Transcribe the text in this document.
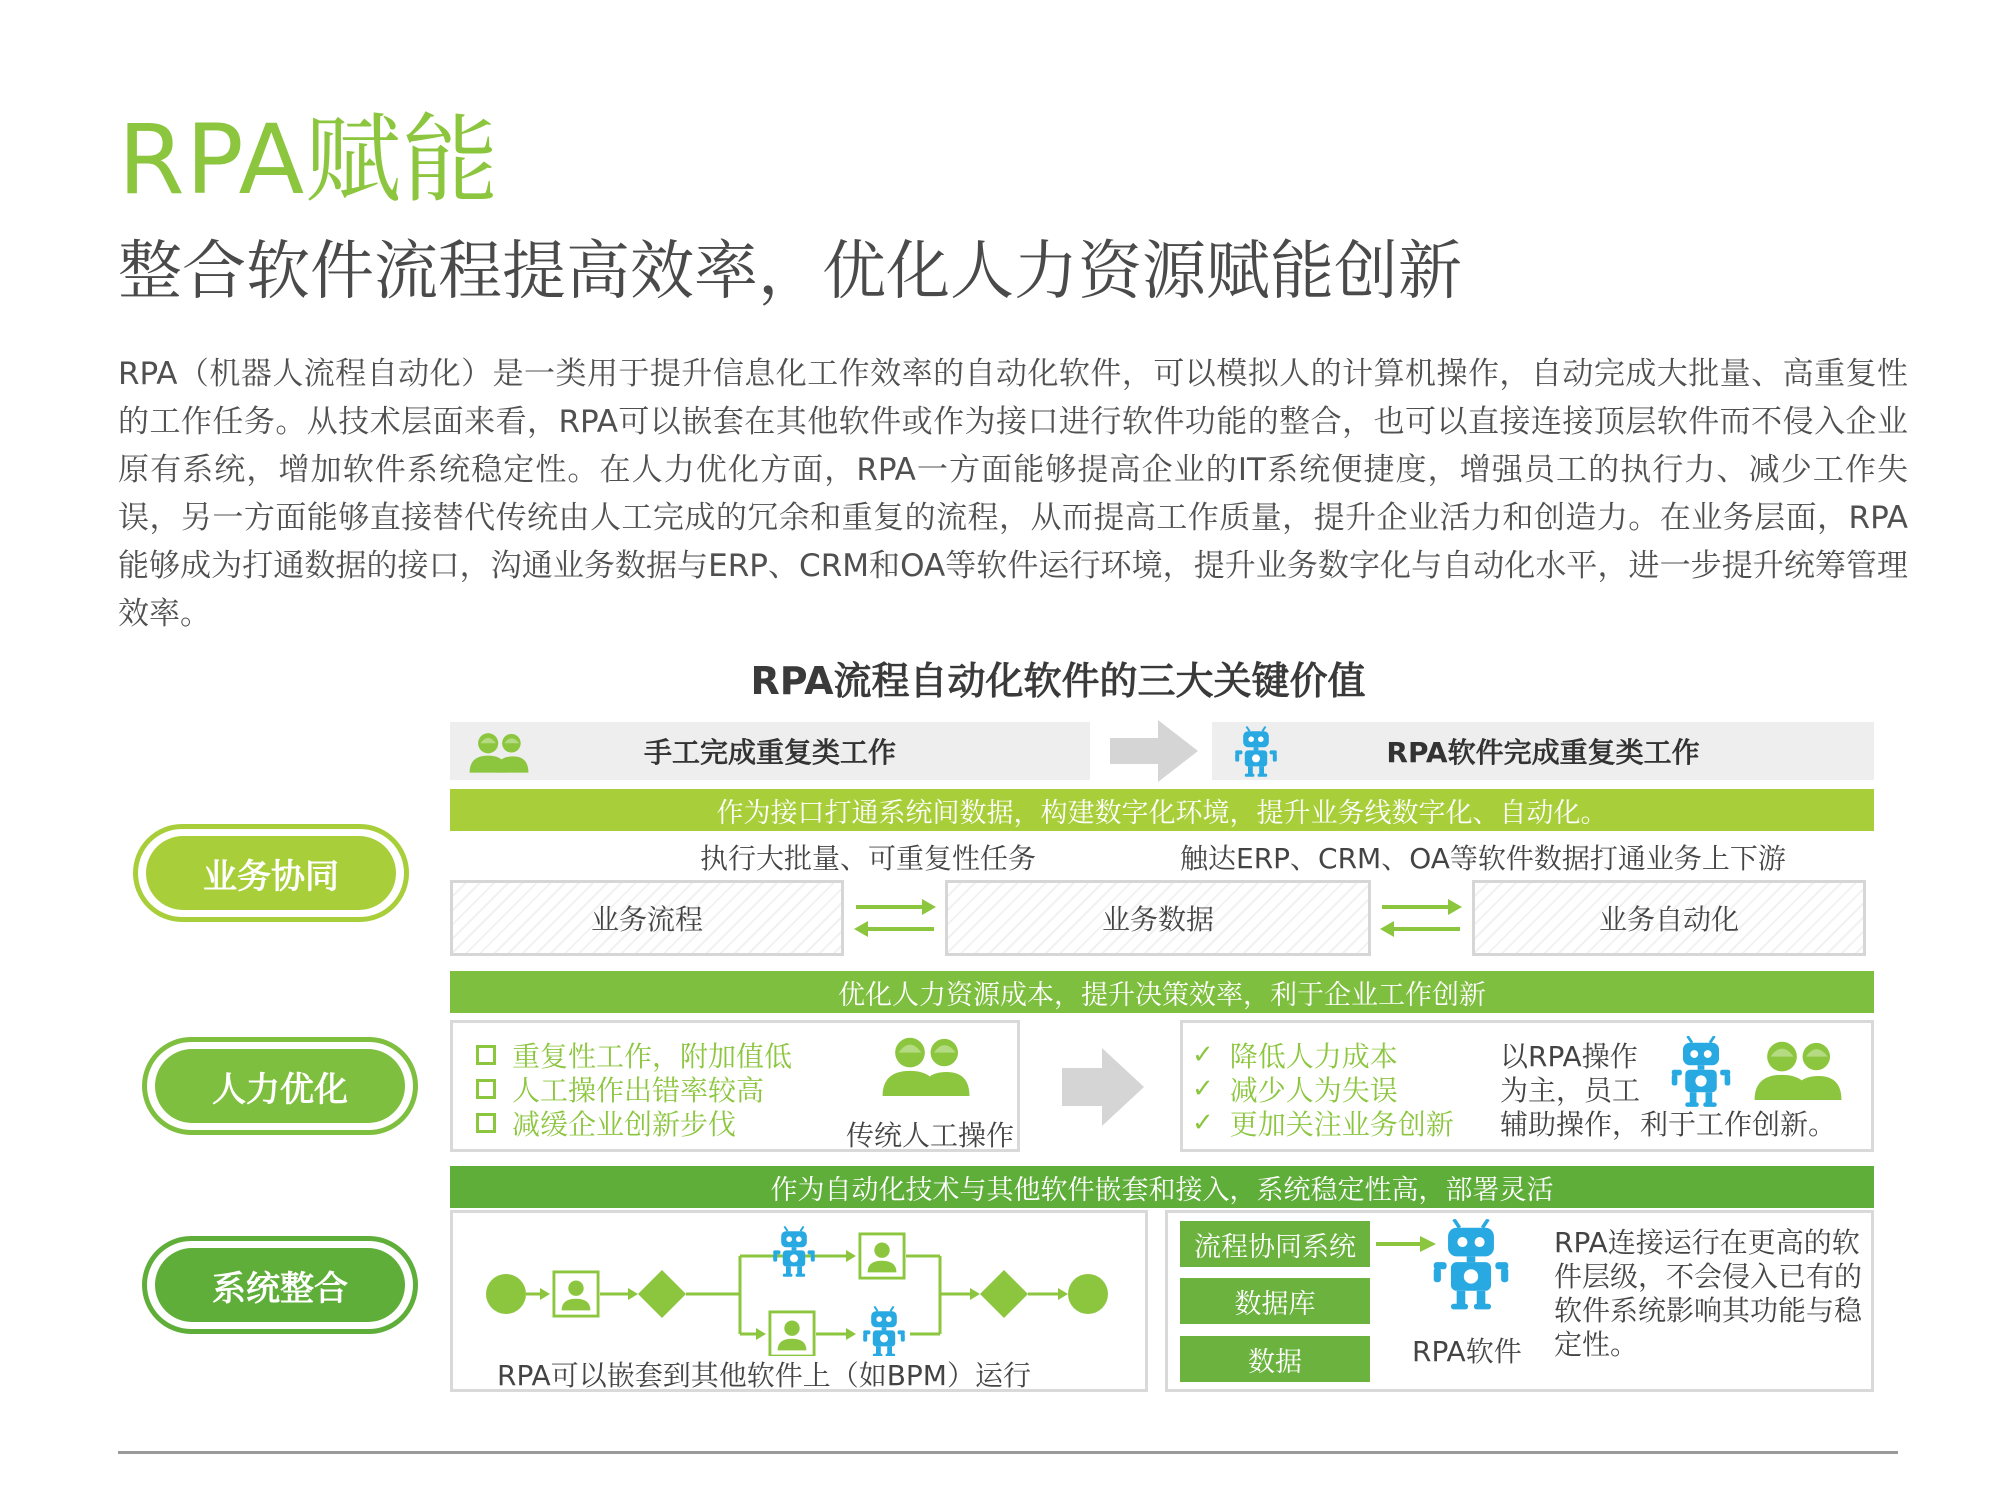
RPA赋能
整合软件流程提高效率，优化人力资源赋能创新
RPA（机器人流程自动化）是一类用于提升信息化工作效率的自动化软件，可以模拟人的计算机操作，自动完成大批量、高重复性的工作任务。从技术层面来看，RPA可以嵌套在其他软件或作为接口进行软件功能的整合，也可以直接连接顶层软件而不侵入企业原有系统，增加软件系统稳定性。在人力优化方面，RPA一方面能够提高企业的IT系统便捷度，增强员工的执行力、减少工作失误，另一方面能够直接替代传统由人工完成的冗余和重复的流程，从而提高工作质量，提升企业活力和创造力。在业务层面，RPA能够成为打通数据的接口，沟通业务数据与ERP、CRM和OA等软件运行环境，提升业务数字化与自动化水平，进一步提升统筹管理效率。
RPA流程自动化软件的三大关键价值
手工完成重复类工作	RPA软件完成重复类工作
作为接口打通系统间数据，构建数字化环境，提升业务线数字化、自动化。
业务协同	执行大批量、可重复性任务	触达ERP、CRM、OA等软件数据打通业务上下游
业务流程	业务数据	业务自动化
优化人力资源成本，提升决策效率，利于企业工作创新
人力优化
重复性工作，附加值低
人工操作出错率较高
减缓企业创新步伐	传统人工操作
✓ 降低人力成本
✓ 减少人为失误
✓ 更加关注业务创新
以RPA操作
为主，员工
辅助操作，利于工作创新。
作为自动化技术与其他软件嵌套和接入，系统稳定性高，部署灵活
系统整合
RPA可以嵌套到其他软件上（如BPM）运行
流程协同系统
数据库
数据	RPA软件
RPA连接运行在更高的软
件层级，不会侵入已有的
软件系统影响其功能与稳
定性。
